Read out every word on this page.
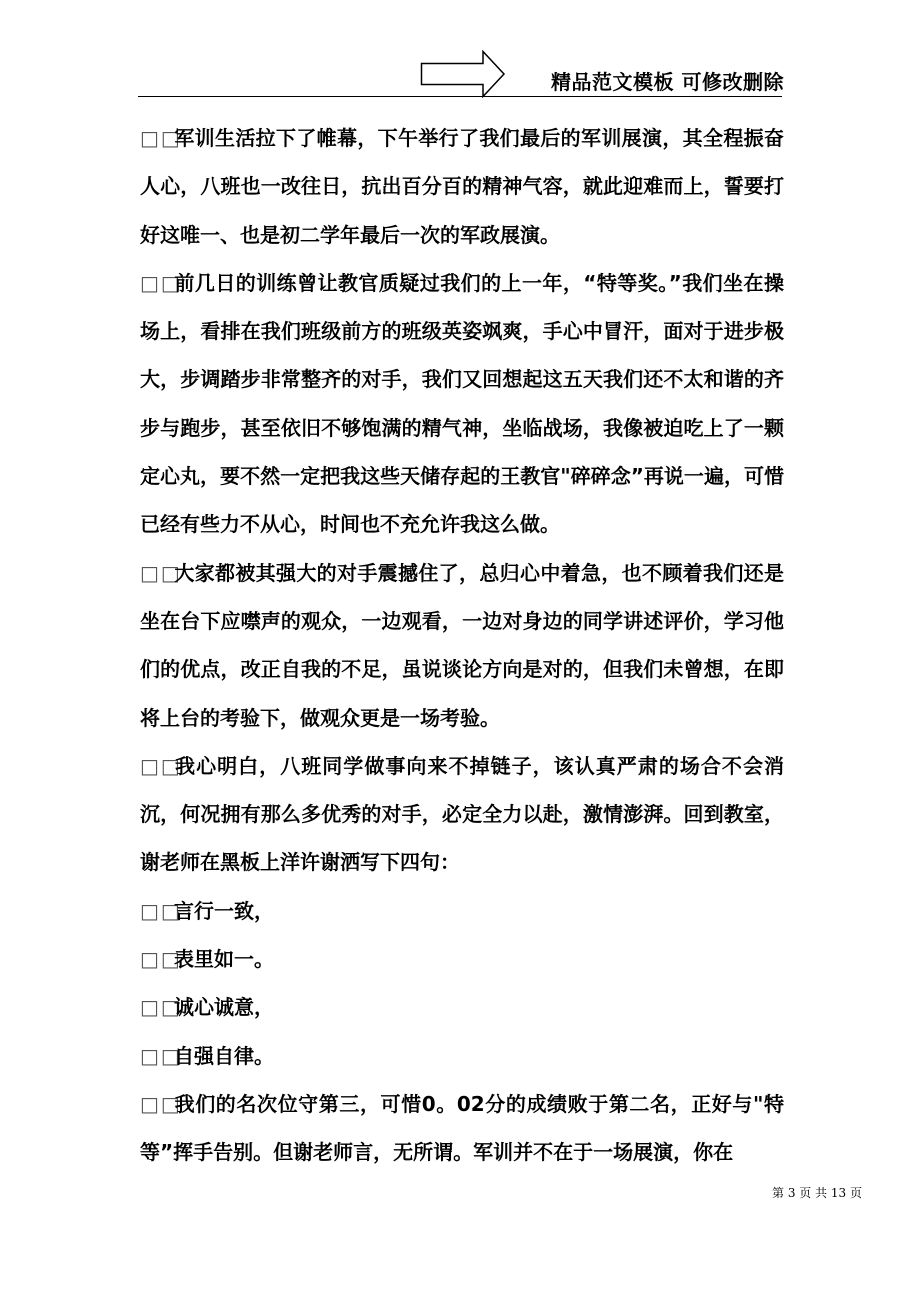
精品范文模板 可修改删除

□□军训生活拉下了帷幕，下午举行了我们最后的军训展演，其全程振奋人心，八班也一改往日，抗出百分百的精神气容，就此迎难而上，誓要打好这唯一、也是初二学年最后一次的军政展演。

□□前几日的训练曾让教官质疑过我们的上一年，“特等奖。”我们坐在操场上，看排在我们班级前方的班级英姿飒爽，手心中冒汗，面对于进步极大，步调踏步非常整齐的对手，我们又回想起这五天我们还不太和谐的齐步与跑步，甚至依旧不够饱满的精气神，坐临战场，我像被迫吃上了一颗定心丸，要不然一定把我这些天储存起的王教官"碎碎念”再说一遍，可惜已经有些力不从心，时间也不充允许我这么做。

□□大家都被其强大的对手震撼住了，总归心中着急，也不顾着我们还是坐在台下应噤声的观众，一边观看，一边对身边的同学讲述评价，学习他们的优点，改正自我的不足，虽说谈论方向是对的，但我们未曾想，在即将上台的考验下，做观众更是一场考验。

□□我心明白，八班同学做事向来不掉链子，该认真严肃的场合不会消沉，何况拥有那么多优秀的对手，必定全力以赴，激情澎湃。回到教室，谢老师在黑板上洋许谢洒写下四句：

□□言行一致，

□□表里如一。

□□诚心诚意，

□□自强自律。

□□我们的名次位守第三，可惜0。02分的成绩败于第二名，正好与"特等”挥手告别。但谢老师言，无所谓。军训并不在于一场展演，你在

第 3 页 共 13 页
